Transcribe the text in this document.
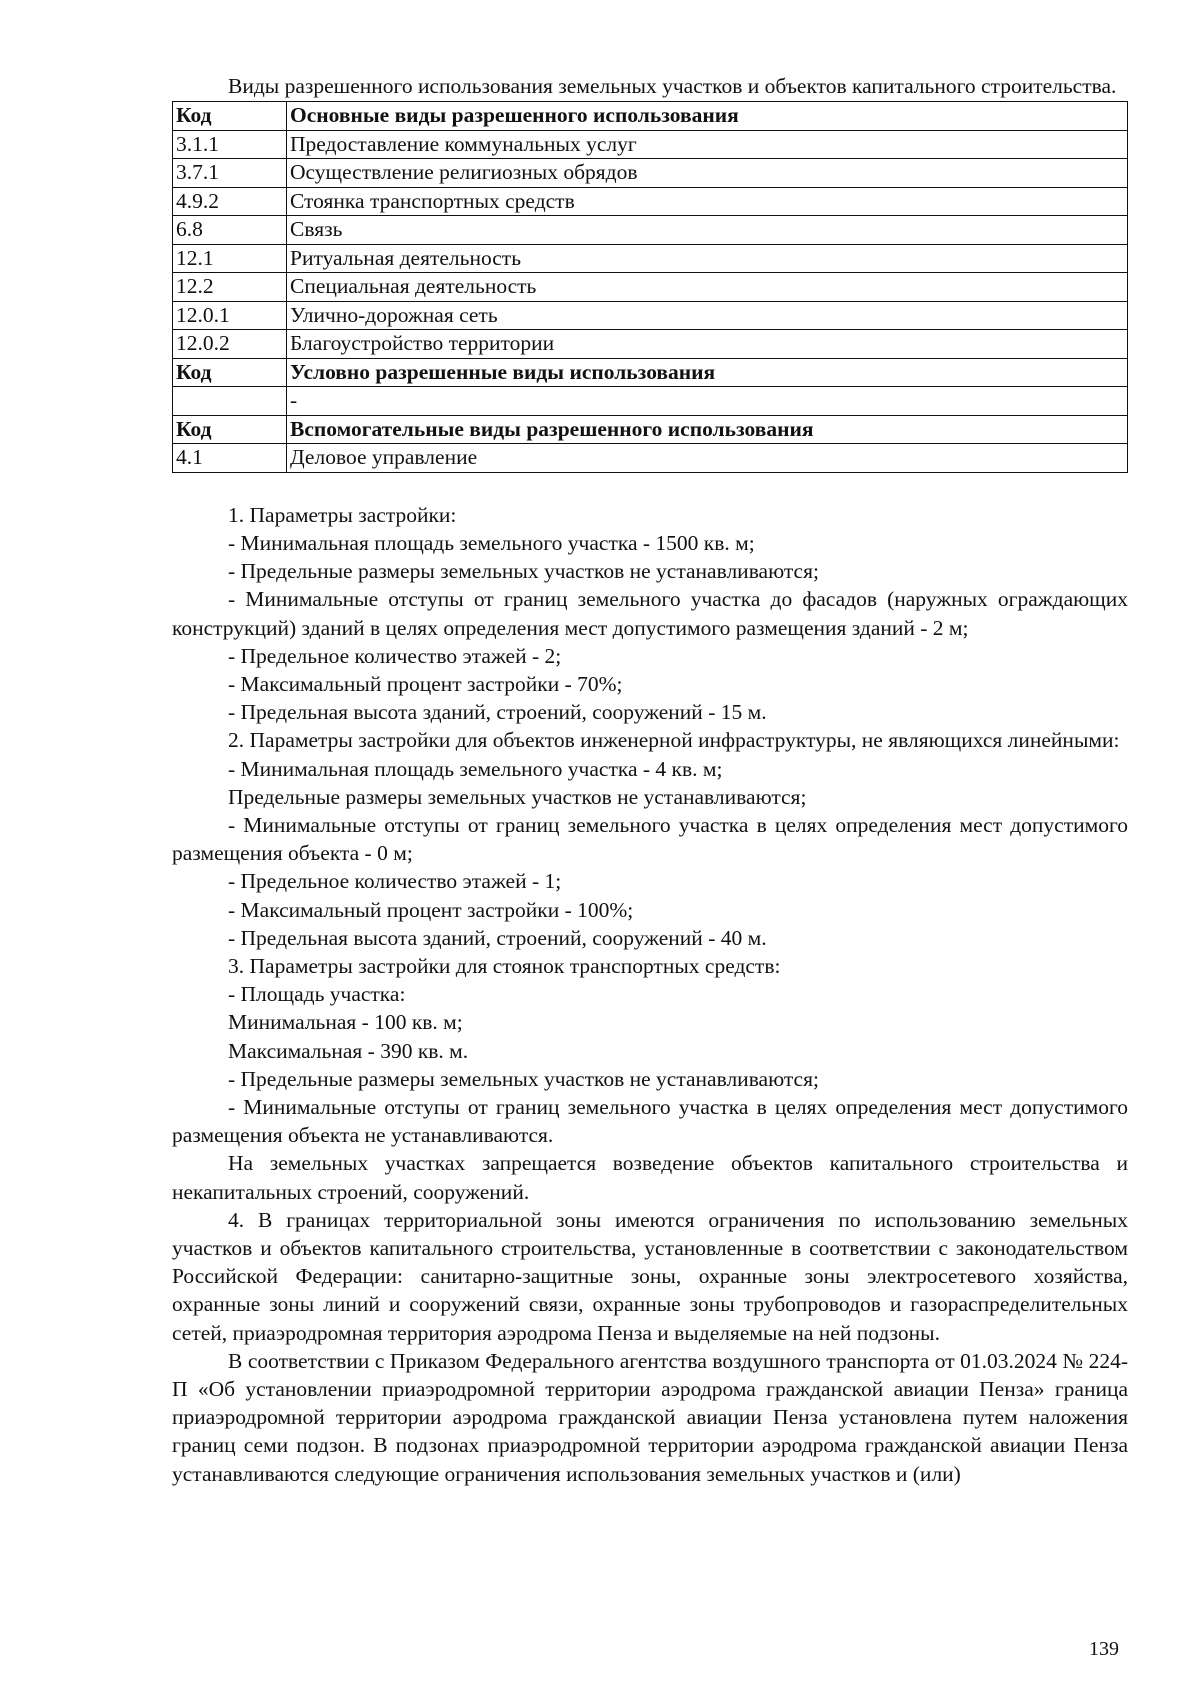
Виды разрешенного использования земельных участков и объектов капитального строительства.

Код	Основные виды разрешенного использования
3.1.1	Предоставление коммунальных услуг
3.7.1	Осуществление религиозных обрядов
4.9.2	Стоянка транспортных средств
6.8	Связь
12.1	Ритуальная деятельность
12.2	Специальная деятельность
12.0.1	Улично-дорожная сеть
12.0.2	Благоустройство территории
Код	Условно разрешенные виды использования
	-
Код	Вспомогательные виды разрешенного использования
4.1	Деловое управление

1. Параметры застройки:

- Минимальная площадь земельного участка - 1500 кв. м;

- Предельные размеры земельных участков не устанавливаются;

- Минимальные отступы от границ земельного участка до фасадов (наружных ограждающих конструкций) зданий в целях определения мест допустимого размещения зданий - 2 м;

- Предельное количество этажей - 2;

- Максимальный процент застройки - 70%;

- Предельная высота зданий, строений, сооружений - 15 м.

2. Параметры застройки для объектов инженерной инфраструктуры, не являющихся линейными:

- Минимальная площадь земельного участка - 4 кв. м;

Предельные размеры земельных участков не устанавливаются;

- Минимальные отступы от границ земельного участка в целях определения мест допустимого размещения объекта - 0 м;

- Предельное количество этажей - 1;

- Максимальный процент застройки - 100%;

- Предельная высота зданий, строений, сооружений - 40 м.

3. Параметры застройки для стоянок транспортных средств:

- Площадь участка:

Минимальная - 100 кв. м;

Максимальная - 390 кв. м.

- Предельные размеры земельных участков не устанавливаются;

- Минимальные отступы от границ земельного участка в целях определения мест допустимого размещения объекта не устанавливаются.

На земельных участках запрещается возведение объектов капитального строительства и некапитальных строений, сооружений.

4. В границах территориальной зоны имеются ограничения по использованию земельных участков и объектов капитального строительства, установленные в соответствии с законодательством Российской Федерации: санитарно-защитные зоны, охранные зоны электросетевого хозяйства, охранные зоны линий и сооружений связи, охранные зоны трубопроводов и газораспределительных сетей, приаэродромная территория аэродрома Пенза и выделяемые на ней подзоны.

В соответствии с Приказом Федерального агентства воздушного транспорта от 01.03.2024 № 224-П «Об установлении приаэродромной территории аэродрома гражданской авиации Пенза» граница приаэродромной территории аэродрома гражданской авиации Пенза установлена путем наложения границ семи подзон. В подзонах приаэродромной территории аэродрома гражданской авиации Пенза устанавливаются следующие ограничения использования земельных участков и (или)

139
